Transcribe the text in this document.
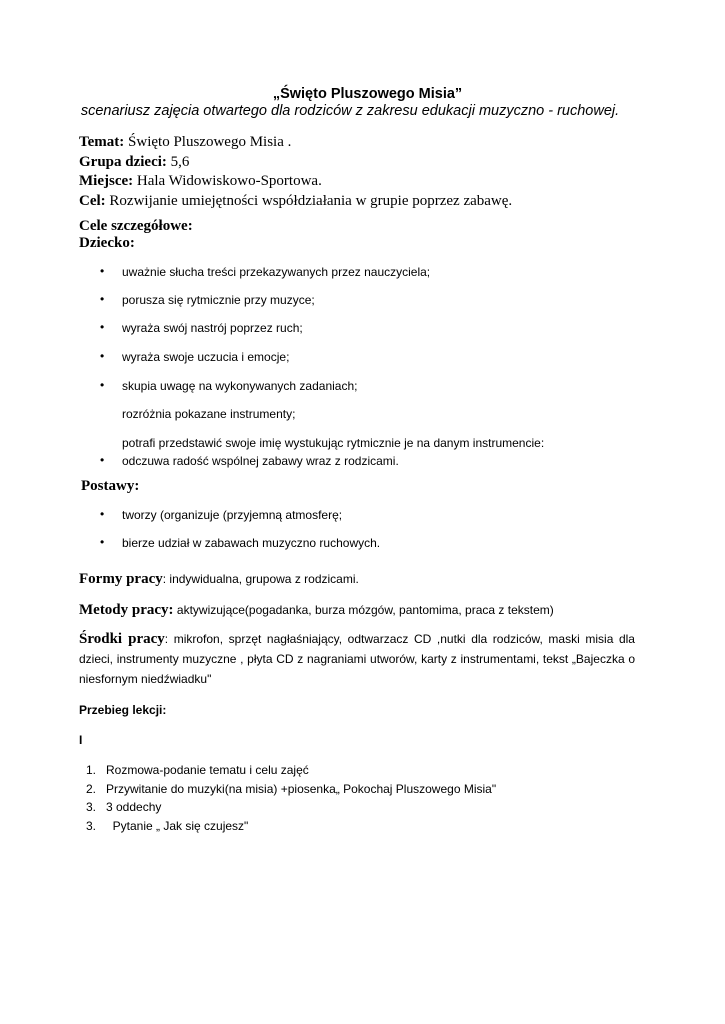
„Święto Pluszowego Misia”
scenariusz zajęcia otwartego dla rodziców z zakresu edukacji muzyczno - ruchowej.
Temat: Święto Pluszowego Misia .
Grupa dzieci: 5,6
Miejsce: Hala Widowiskowo-Sportowa.
Cel: Rozwijanie umiejętności współdziałania w grupie poprzez zabawę.
Cele szczegółowe:
Dziecko:
• uważnie słucha treści przekazywanych przez nauczyciela;
• porusza się rytmicznie przy muzyce;
• wyraża swój nastrój poprzez ruch;
• wyraża swoje uczucia i emocje;
• skupia uwagę na wykonywanych zadaniach;
rozróżnia pokazane instrumenty;
potrafi przedstawić swoje imię wystukując rytmicznie je na danym instrumencie:
• odczuwa radość wspólnej zabawy wraz z rodzicami.
Postawy:
• tworzy (organizuje (przyjemną atmosferę;
• bierze udział w zabawach muzyczno ruchowych.
Formy pracy: indywidualna, grupowa z rodzicami.
Metody pracy: aktywizujące(pogadanka, burza mózgów, pantomima, praca z tekstem)
Środki pracy: mikrofon, sprzęt nagłaśniający, odtwarzacz CD ,nutki dla rodziców, maski misia dla dzieci, instrumenty muzyczne , płyta CD z nagraniami utworów, karty z instrumentami, tekst „Bajeczka o niesfornym niedźwiadku"
Przebieg lekcji:
I
1. Rozmowa-podanie tematu i celu zajęć
2. Przywitanie do muzyki(na misia) +piosenka„ Pokochaj Pluszowego Misia"
3. 3 oddechy
3. Pytanie „ Jak się czujesz"
